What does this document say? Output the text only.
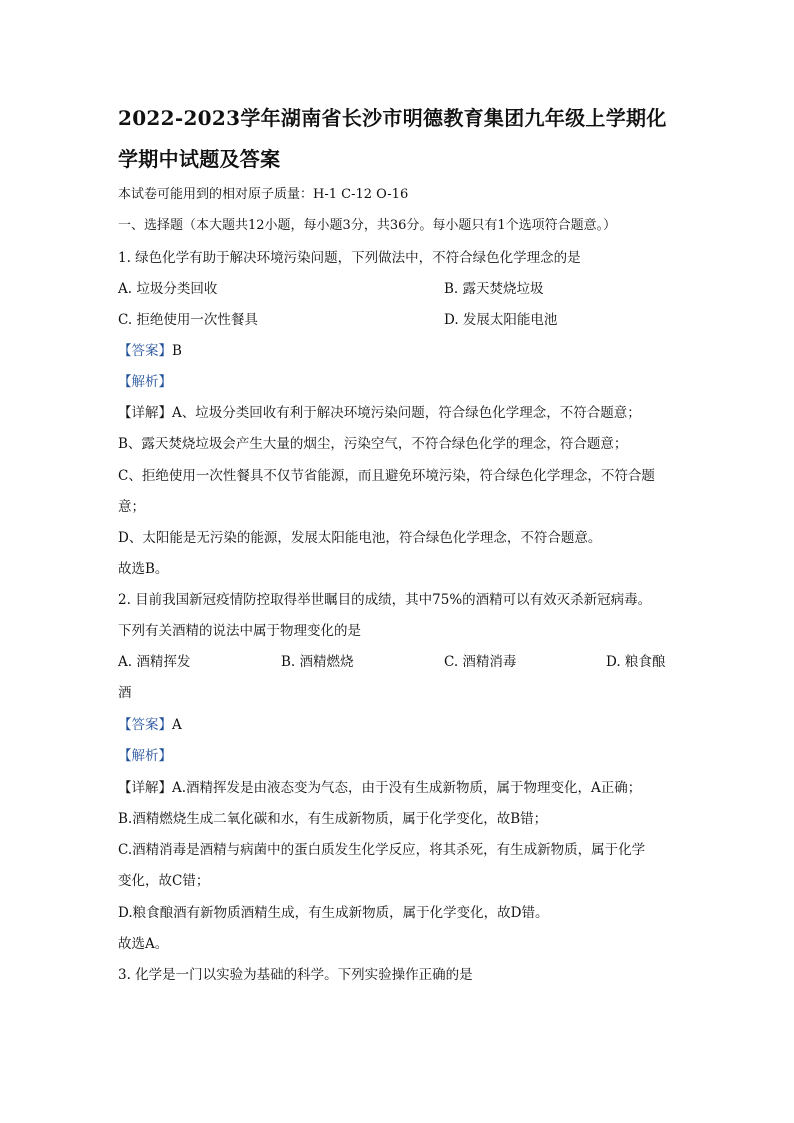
2022-2023学年湖南省长沙市明德教育集团九年级上学期化
学期中试题及答案
本试卷可能用到的相对原子质量：H-1 C-12 O-16
一、选择题（本大题共12小题，每小题3分，共36分。每小题只有1个选项符合题意。）
1. 绿色化学有助于解决环境污染问题，下列做法中，不符合绿色化学理念的是
A. 垃圾分类回收	B. 露天焚烧垃圾
C. 拒绝使用一次性餐具	D. 发展太阳能电池
【答案】B
【解析】
【详解】A、垃圾分类回收有利于解决环境污染问题，符合绿色化学理念，不符合题意；
B、露天焚烧垃圾会产生大量的烟尘，污染空气，不符合绿色化学的理念，符合题意；
C、拒绝使用一次性餐具不仅节省能源，而且避免环境污染，符合绿色化学理念，不符合题
意；
D、太阳能是无污染的能源，发展太阳能电池，符合绿色化学理念，不符合题意。
故选B。
2. 目前我国新冠疫情防控取得举世瞩目的成绩，其中75%的酒精可以有效灭杀新冠病毒。
下列有关酒精的说法中属于物理变化的是
A. 酒精挥发	B. 酒精燃烧	C. 酒精消毒	D. 粮食酿
酒
【答案】A
【解析】
【详解】A.酒精挥发是由液态变为气态，由于没有生成新物质，属于物理变化，A正确；
B.酒精燃烧生成二氧化碳和水，有生成新物质，属于化学变化，故B错；
C.酒精消毒是酒精与病菌中的蛋白质发生化学反应，将其杀死，有生成新物质，属于化学
变化，故C错；
D.粮食酿酒有新物质酒精生成，有生成新物质，属于化学变化，故D错。
故选A。
3. 化学是一门以实验为基础的科学。下列实验操作正确的是
